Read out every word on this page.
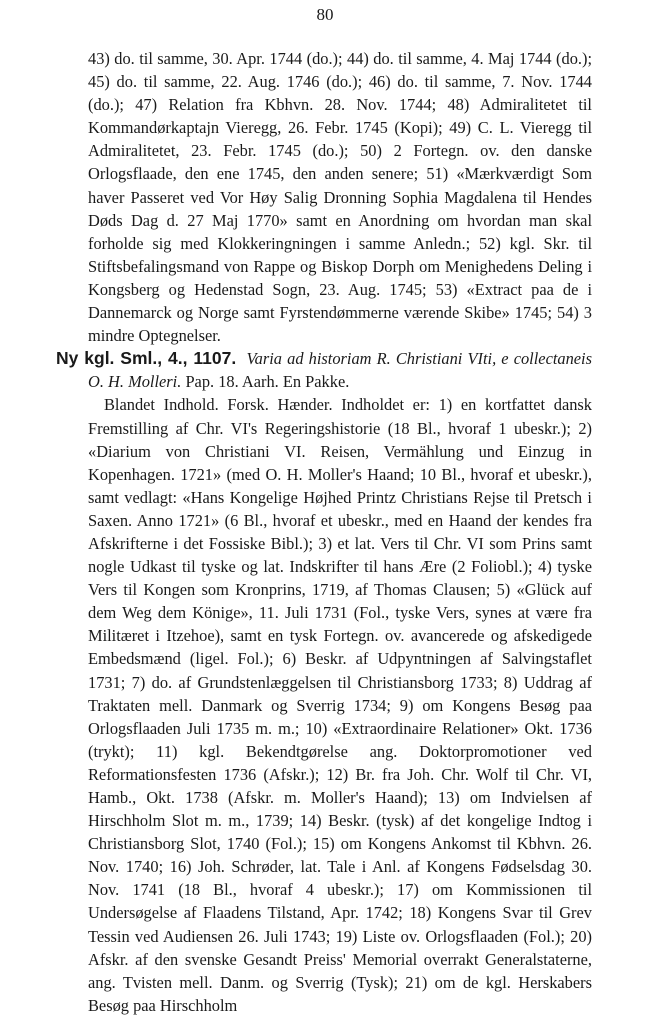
80

43) do. til samme, 30. Apr. 1744 (do.); 44) do. til samme, 4. Maj 1744 (do.); 45) do. til samme, 22. Aug. 1746 (do.); 46) do. til samme, 7. Nov. 1744 (do.); 47) Relation fra Kbhvn. 28. Nov. 1744; 48) Admiralitetet til Kommandørkaptajn Vieregg, 26. Febr. 1745 (Kopi); 49) C. L. Vieregg til Admiralitetet, 23. Febr. 1745 (do.); 50) 2 Fortegn. ov. den danske Orlogsflaade, den ene 1745, den anden senere; 51) «Mærkværdigt Som haver Passeret ved Vor Høy Salig Dronning Sophia Magdalena til Hendes Døds Dag d. 27 Maj 1770» samt en Anordning om hvordan man skal forholde sig med Klokkeringningen i samme Anledn.; 52) kgl. Skr. til Stiftsbefalingsmand von Rappe og Biskop Dorph om Menighedens Deling i Kongsberg og Hedenstad Sogn, 23. Aug. 1745; 53) «Extract paa de i Dannemarck og Norge samt Fyrstendømmerne værende Skibe» 1745; 54) 3 mindre Optegnelser.

Ny kgl. Sml., 4., 1107. Varia ad historiam R. Christiani VIti, e collectaneis O. H. Molleri. Pap. 18. Aarh. En Pakke.

Blandet Indhold. Forsk. Hænder. Indholdet er: 1) en kortfattet dansk Fremstilling af Chr. VI's Regeringshistorie (18 Bl., hvoraf 1 ubeskr.); 2) «Diarium von Christiani VI. Reisen, Vermählung und Einzug in Kopenhagen. 1721» (med O. H. Moller's Haand; 10 Bl., hvoraf et ubeskr.), samt vedlagt: «Hans Kongelige Højhed Printz Christians Rejse til Pretsch i Saxen. Anno 1721» (6 Bl., hvoraf et ubeskr., med en Haand der kendes fra Afskrifterne i det Fossiske Bibl.); 3) et lat. Vers til Chr. VI som Prins samt nogle Udkast til tyske og lat. Indskrifter til hans Ære (2 Foliobl.); 4) tyske Vers til Kongen som Kronprins, 1719, af Thomas Clausen; 5) «Glück auf dem Weg dem Könige», 11. Juli 1731 (Fol., tyske Vers, synes at være fra Militæret i Itzehoe), samt en tysk Fortegn. ov. avancerede og afskedigede Embedsmænd (ligel. Fol.); 6) Beskr. af Udpyntningen af Salvingstaflet 1731; 7) do. af Grundstenlæggelsen til Christiansborg 1733; 8) Uddrag af Traktaten mell. Danmark og Sverrig 1734; 9) om Kongens Besøg paa Orlogsflaaden Juli 1735 m. m.; 10) «Extraordinaire Relationer» Okt. 1736 (trykt); 11) kgl. Bekendtgørelse ang. Doktorpromotioner ved Reformationsfesten 1736 (Afskr.); 12) Br. fra Joh. Chr. Wolf til Chr. VI, Hamb., Okt. 1738 (Afskr. m. Moller's Haand); 13) om Indvielsen af Hirschholm Slot m. m., 1739; 14) Beskr. (tysk) af det kongelige Indtog i Christiansborg Slot, 1740 (Fol.); 15) om Kongens Ankomst til Kbhvn. 26. Nov. 1740; 16) Joh. Schrøder, lat. Tale i Anl. af Kongens Fødselsdag 30. Nov. 1741 (18 Bl., hvoraf 4 ubeskr.); 17) om Kommissionen til Undersøgelse af Flaadens Tilstand, Apr. 1742; 18) Kongens Svar til Grev Tessin ved Audiensen 26. Juli 1743; 19) Liste ov. Orlogsflaaden (Fol.); 20) Afskr. af den svenske Gesandt Preiss' Memorial overrakt Generalstaterne, ang. Tvisten mell. Danm. og Sverrig (Tysk); 21) om de kgl. Herskabers Besøg paa Hirschholm
